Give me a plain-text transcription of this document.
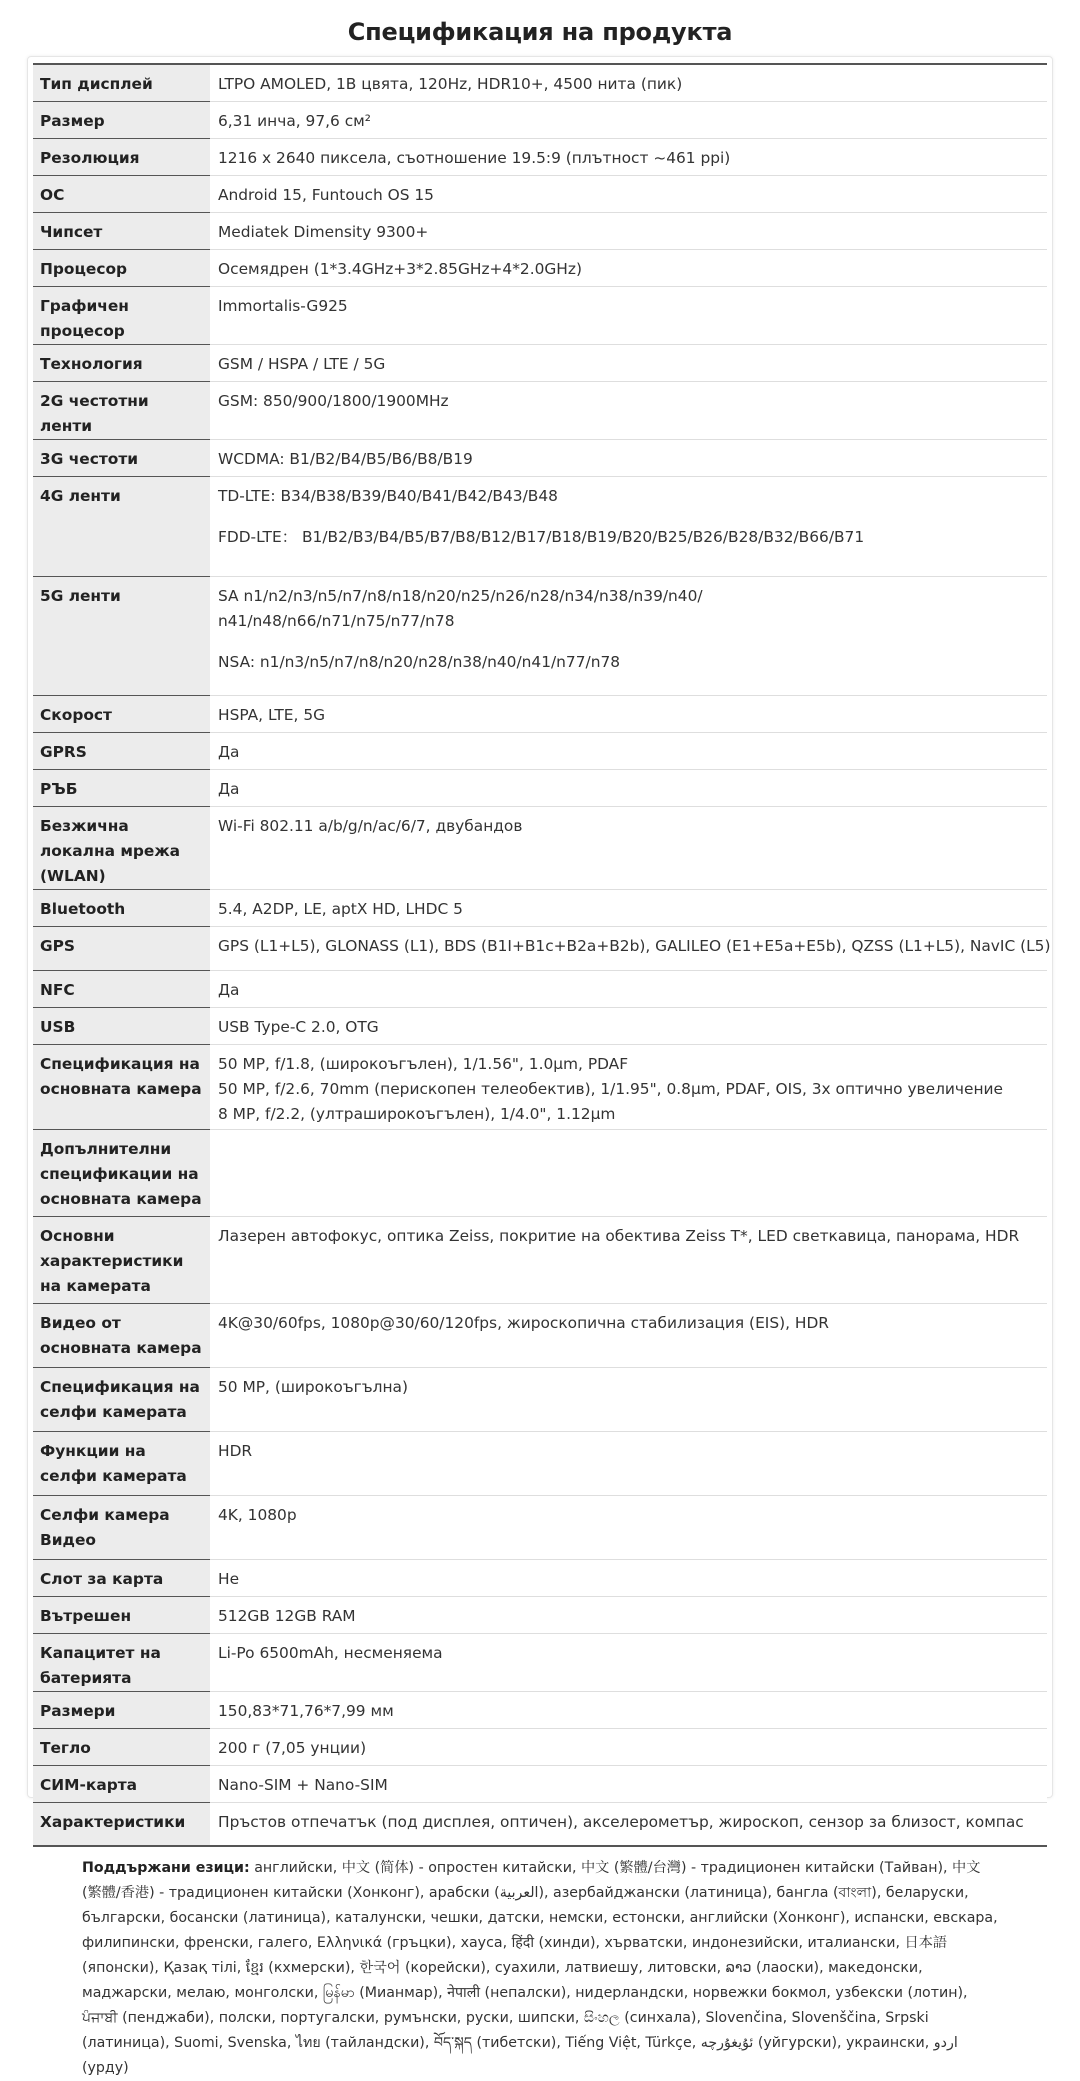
Спецификация на продукта
Тип дисплей	LTPO AMOLED, 1B цвята, 120Hz, HDR10+, 4500 нита (пик)

Размер	6,31 инча, 97,6 см²

Резолюция	1216 x 2640 пиксела, съотношение 19.5:9 (плътност ~461 ppi)

ОС	Android 15, Funtouch OS 15

Чипсет	Mediatek Dimensity 9300+

Процесор	Осемядрен (1*3.4GHz+3*2.85GHz+4*2.0GHz)

Графичен процесор	Immortalis-G925

Технология	GSM / HSPA / LTE / 5G

2G честотни ленти	GSM: 850/900/1800/1900MHz

3G честоти	WCDMA: B1/B2/B4/B5/B6/B8/B19

4G ленти	TD-LTE: B34/B38/B39/B40/B41/B42/B43/B48
FDD-LTE： B1/B2/B3/B4/B5/B7/B8/B12/B17/B18/B19/B20/B25/B26/B28/B32/B66/B71

5G ленти	SA n1/n2/n3/n5/n7/n8/n18/n20/n25/n26/n28/n34/n38/n39/n40/
n41/n48/n66/n71/n75/n77/n78
NSA: n1/n3/n5/n7/n8/n20/n28/n38/n40/n41/n77/n78

Скорост	HSPA, LTE, 5G

GPRS	Да

РЪБ	Да

Безжична локална мрежа (WLAN)	Wi-Fi 802.11 a/b/g/n/ac/6/7, двубандов

Bluetooth	5.4, A2DP, LE, aptX HD, LHDC 5

GPS	GPS (L1+L5), GLONASS (L1), BDS (B1I+B1c+B2a+B2b), GALILEO (E1+E5a+E5b), QZSS (L1+L5), NavIC (L5)

NFC	Да

USB	USB Type-C 2.0, OTG

Спецификация на основната камера	50 MP, f/1.8, (широкоъгълен), 1/1.56", 1.0µm, PDAF
50 MP, f/2.6, 70mm (перископен телеобектив), 1/1.95", 0.8µm, PDAF, OIS, 3x оптично увеличение
8 MP, f/2.2, (ултраширокоъгълен), 1/4.0", 1.12µm

Допълнителни спецификации на основната камера	
Основни характеристики на камерата	Лазерен автофокус, оптика Zeiss, покритие на обектива Zeiss T*, LED светкавица, панорама, HDR

Видео от основната камера	4K@30/60fps, 1080p@30/60/120fps, жироскопична стабилизация (EIS), HDR

Спецификация на селфи камерата	50 MP, (широкоъгълна)

Функции на селфи камерата	HDR

Селфи камера Видео	4K, 1080p

Слот за карта	Не

Вътрешен	512GB 12GB RAM

Капацитет на батерията	Li-Po 6500mAh, несменяема

Размери	150,83*71,76*7,99 мм

Тегло	200 г (7,05 унции)

СИМ-карта	Nano-SIM + Nano-SIM

Характеристики	Пръстов отпечатък (под дисплея, оптичен), акселерометър, жироскоп, сензор за близост, компас
Поддържани езици: английски, 中文 (简体) - опростен китайски, 中文 (繁體/台灣) - традиционен китайски (Тайван), 中文 (繁體/香港) - традиционен китайски (Хонконг), арабски (العربية), азербайджански (латиница), бангла (বাংলা), беларуски, български, босански (латиница), каталунски, чешки, датски, немски, естонски, английски (Хонконг), испански, евскара, филипински, френски, галего, Ελληνικά (гръцки), хауса, हिंदी (хинди), хърватски, индонезийски, италиански, 日本語 (японски), Қазақ тілі, ខ្មែរ (кхмерски), 한국어 (корейски), суахили, латвиешу, литовски, ລາວ (лаоски), македонски, маджарски, мелаю, монголски, မြန်မာ (Мианмар), नेपाली (непалски), нидерландски, норвежки бокмол, узбекски (лотин), ਪੰਜਾਬੀ (пенджаби), полски, португалски, румънски, руски, шипски, සිංහල (синхала), Slovenčina, Slovenščina, Srpski (латиница), Suomi, Svenska, ไทย (тайландски), བོད་སྐད (тибетски), Tiếng Việt, Türkçe, ئۇيغۇرچە (уйгурски), украински, اردو (урду)
